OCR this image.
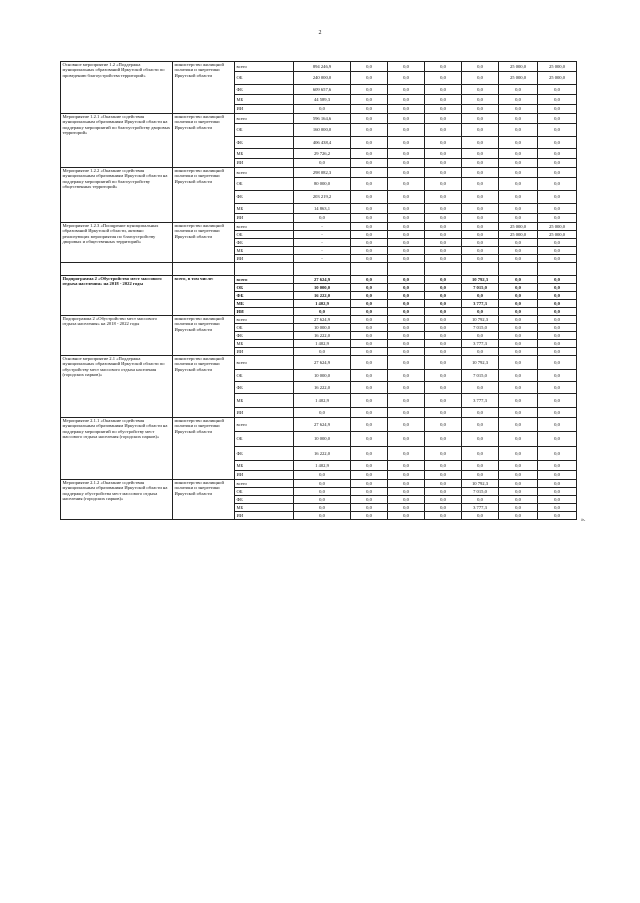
2
Основное мероприятие 1.2 «Поддержка муниципальных образований Иркутской области по проведению благоустройства территорий»	министерство жилищной политики и энергетики Иркутской области	всего	894 246,9	0,0	0,0	0,0	0,0	25 000,0	25 000,0
		ОБ	240 000,0	0,0	0,0	0,0	0,0	25 000,0	25 000,0
		ФБ	609 657,6	0,0	0,0	0,0	0,0	0,0	0,0
		МБ	44 589,3	0,0	0,0	0,0	0,0	0,0	0,0
		ИИ	0,0	0,0	0,0	0,0	0,0	0,0	0,0
Мероприятие 1.2.1 «Оказание содействия муниципальным образованиям Иркутской области на поддержку мероприятий по благоустройству дворовых территорий»	министерство жилищной политики и энергетики Иркутской области	всего	596 164,6	0,0	0,0	0,0	0,0	0,0	0,0
		ОБ	160 000,0	0,0	0,0	0,0	0,0	0,0	0,0
		ФБ	406 438,4	0,0	0,0	0,0	0,0	0,0	0,0
		МБ	29 726,2	0,0	0,0	0,0	0,0	0,0	0,0
		ИИ	0,0	0,0	0,0	0,0	0,0	0,0	0,0
Мероприятие 1.2.2 «Оказание содействия муниципальным образованиям Иркутской области на поддержку мероприятий по благоустройству общественных территорий»	министерство жилищной политики и энергетики Иркутской области	всего	298 082,3	0,0	0,0	0,0	0,0	0,0	0,0
		ОБ	80 000,0	0,0	0,0	0,0	0,0	0,0	0,0
		ФБ	203 219,2	0,0	0,0	0,0	0,0	0,0	0,0
		МБ	14 863,1	0,0	0,0	0,0	0,0	0,0	0,0
		ИИ	0,0	0,0	0,0	0,0	0,0	0,0	0,0
Мероприятие 1.2.3 «Поощрение муниципальных образований Иркутской области, активно реализующих мероприятия по благоустройству дворовых и общественных территорий»	министерство жилищной политики и энергетики Иркутской области	всего	-	0,0	0,0	0,0	0,0	25 000,0	25 000,0
		ОБ	-	0,0	0,0	0,0	0,0	25 000,0	25 000,0
		ФБ	-	0,0	0,0	0,0	0,0	0,0	0,0
		МБ	-	0,0	0,0	0,0	0,0	0,0	0,0
		ИИ	-	0,0	0,0	0,0	0,0	0,0	0,0

Подпрограмма 2 «Обустройство мест массового отдыха населения» на 2018 - 2022 годы	всего, в том числе:	всего	27 624,9	0,0	0,0	0,0	10 792,3	0,0	0,0
		ОБ	10 000,0	0,0	0,0	0,0	7 015,0	0,0	0,0
		ФБ	16 222,0	0,0	0,0	0,0	0,0	0,0	0,0
		МБ	1 402,9	0,0	0,0	0,0	3 777,3	0,0	0,0
		ИИ	0,0	0,0	0,0	0,0	0,0	0,0	0,0
Подпрограмма 2 «Обустройство мест массового отдыха населения» на 2018 - 2022 годы	министерство жилищной политики и энергетики Иркутской области	всего	27 624,9	0,0	0,0	0,0	10 792,3	0,0	0,0
		ОБ	10 000,0	0,0	0,0	0,0	7 015,0	0,0	0,0
		ФБ	16 222,0	0,0	0,0	0,0	0,0	0,0	0,0
		МБ	1 402,9	0,0	0,0	0,0	3 777,3	0,0	0,0
		ИИ	0,0	0,0	0,0	0,0	0,0	0,0	0,0
Основное мероприятие 2.1 «Поддержка муниципальных образований Иркутской области по обустройству мест массового отдыха населения (городских парков)»	министерство жилищной политики и энергетики Иркутской области	всего	27 624,9	0,0	0,0	0,0	10 792,3	0,0	0,0
		ОБ	10 000,0	0,0	0,0	0,0	7 015,0	0,0	0,0
		ФБ	16 222,0	0,0	0,0	0,0	0,0	0,0	0,0
		МБ	1 402,9	0,0	0,0	0,0	3 777,3	0,0	0,0
		ИИ	0,0	0,0	0,0	0,0	0,0	0,0	0,0
Мероприятие 2.1.1 «Оказание содействия муниципальным образованиям Иркутской области на поддержку мероприятий по обустройству мест массового отдыха населения (городских парков)»	министерство жилищной политики и энергетики Иркутской области	всего	27 624,9	0,0	0,0	0,0	0,0	0,0	0,0
		ОБ	10 000,0	0,0	0,0	0,0	0,0	0,0	0,0
		ФБ	16 222,0	0,0	0,0	0,0	0,0	0,0	0,0
		МБ	1 402,9	0,0	0,0	0,0	0,0	0,0	0,0
		ИИ	0,0	0,0	0,0	0,0	0,0	0,0	0,0
Мероприятие 2.1.2 «Оказание содействия муниципальным образованиям Иркутской области на поддержку обустройства мест массового отдыха населения (городских парков)»	министерство жилищной политики и энергетики Иркутской области	всего	0,0	0,0	0,0	0,0	10 792,3	0,0	0,0
		ОБ	0,0	0,0	0,0	0,0	7 015,0	0,0	0,0
		ФБ	0,0	0,0	0,0	0,0	0,0	0,0	0,0
		МБ	0,0	0,0	0,0	0,0	3 777,3	0,0	0,0
		ИИ	0,0	0,0	0,0	0,0	0,0	0,0	0,0
».
